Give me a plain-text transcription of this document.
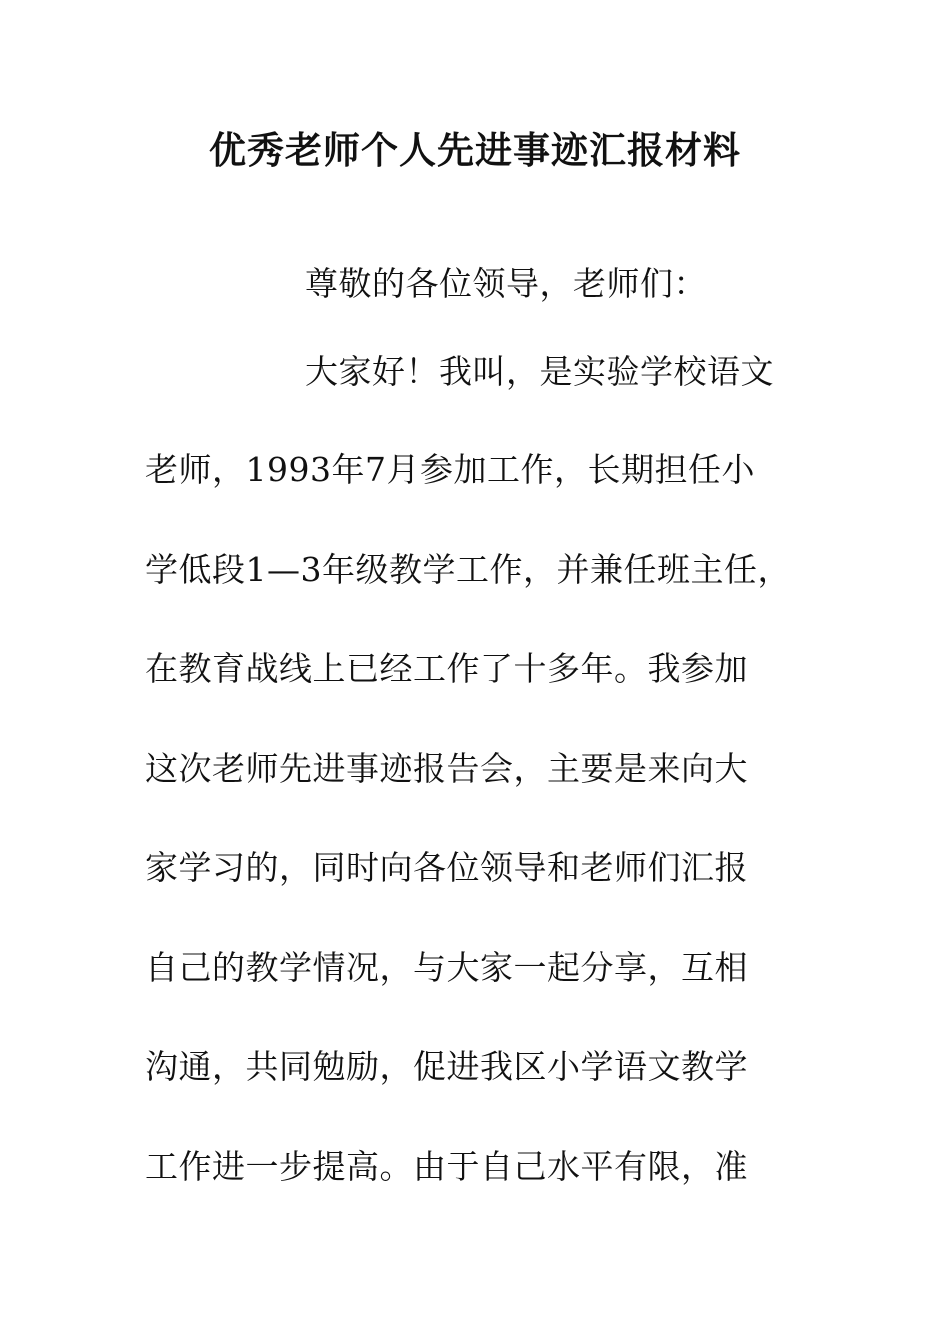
优秀老师个人先进事迹汇报材料
尊敬的各位领导，老师们：
大家好！我叫，是实验学校语文
老师，1993年7月参加工作，长期担任小
学低段1—3年级教学工作，并兼任班主任，
在教育战线上已经工作了十多年。我参加
这次老师先进事迹报告会，主要是来向大
家学习的，同时向各位领导和老师们汇报
自己的教学情况，与大家一起分享，互相
沟通，共同勉励，促进我区小学语文教学
工作进一步提高。由于自己水平有限，准
